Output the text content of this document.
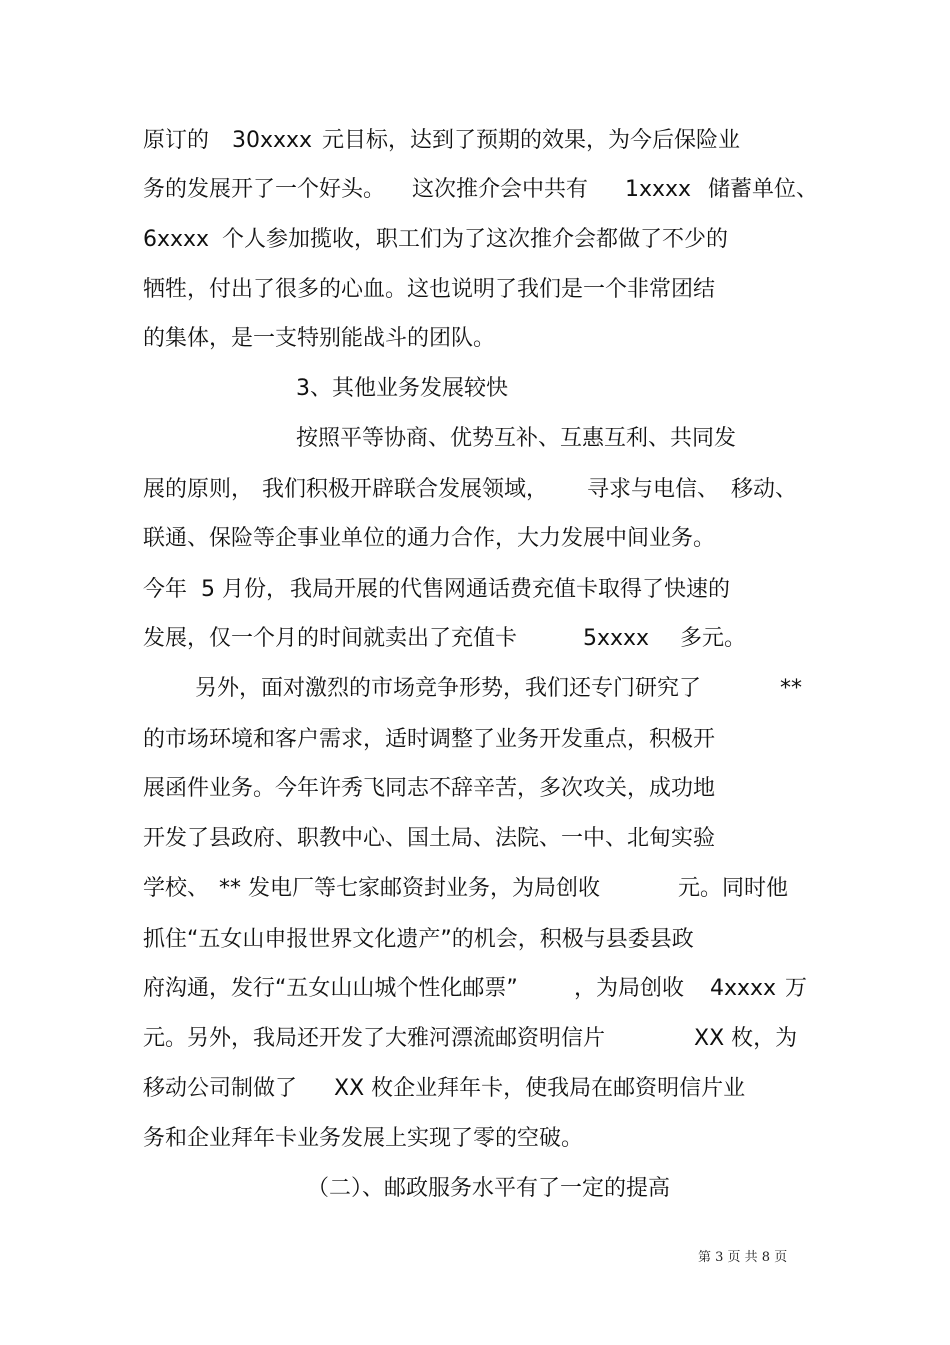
原订的 30xxxx 元目标，达到了预期的效果，为今后保险业
务的发展开了一个好头。 这次推介会中共有 1xxxx 储蓄单位、
6xxxx 个人参加揽收，职工们为了这次推介会都做了不少的
牺牲，付出了很多的心血。这也说明了我们是一个非常团结
的集体，是一支特别能战斗的团队。
3、其他业务发展较快
按照平等协商、优势互补、互惠互利、共同发
展的原则， 我们积极开辟联合发展领域， 寻求与电信、 移动、
联通、保险等企事业单位的通力合作，大力发展中间业务。
今年 5 月份， 我局开展的代售网通话费充值卡取得了快速的
发展，仅一个月的时间就卖出了充值卡	5xxxx 多元。
另外，面对激烈的市场竞争形势，我们还专门研究了	**
的市场环境和客户需求，适时调整了业务开发重点，积极开
展函件业务。今年许秀飞同志不辞辛苦，多次攻关，成功地
开发了县政府、职教中心、国土局、法院、一中、北甸实验
学校、 ** 发电厂等七家邮资封业务，为局创收	元。同时他
抓住“五女山申报世界文化遗产”的机会，积极与县委县政
府沟通，发行“五女山山城个性化邮票”	，为局创收 4xxxx 万
元。另外，我局还开发了大雅河漂流邮资明信片	XX 枚，为
移动公司制做了 XX 枚企业拜年卡，使我局在邮资明信片业
务和企业拜年卡业务发展上实现了零的空破。
（二）、邮政服务水平有了一定的提高
第 3 页 共 8 页
